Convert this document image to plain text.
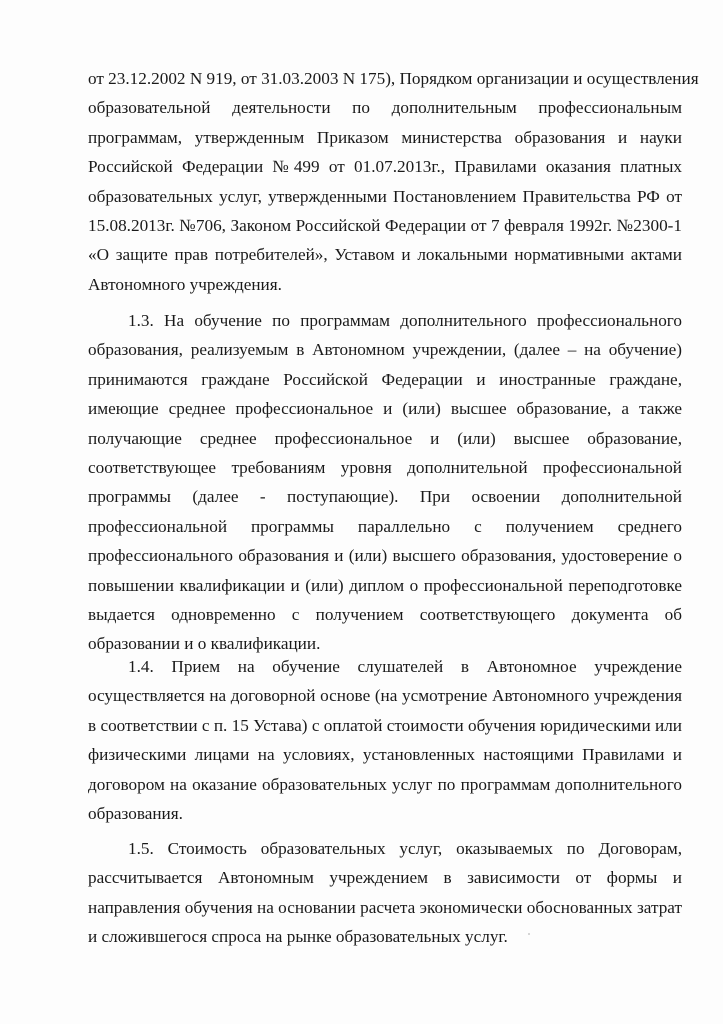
от 23.12.2002 N 919, от 31.03.2003 N 175), Порядком организации и осуществления
образовательной деятельности по дополнительным профессиональным
программам, утвержденным Приказом министерства образования и науки
Российской Федерации №499 от 01.07.2013г., Правилами оказания платных
образовательных услуг, утвержденными Постановлением Правительства РФ от
15.08.2013г. №706, Законом Российской Федерации от 7 февраля 1992г. №2300-1
«О защите прав потребителей», Уставом и локальными нормативными актами
Автономного учреждения.
1.3. На обучение по программам дополнительного профессионального
образования, реализуемым в Автономном учреждении, (далее – на обучение)
принимаются граждане Российской Федерации и иностранные граждане,
имеющие среднее профессиональное и (или) высшее образование, а также
получающие среднее профессиональное и (или) высшее образование,
соответствующее требованиям уровня дополнительной профессиональной
программы (далее - поступающие). При освоении дополнительной
профессиональной программы параллельно с получением среднего
профессионального образования и (или) высшего образования, удостоверение о
повышении квалификации и (или) диплом о профессиональной переподготовке
выдается одновременно с получением соответствующего документа об
образовании и о квалификации.
1.4. Прием на обучение слушателей в Автономное учреждение
осуществляется на договорной основе (на усмотрение Автономного учреждения
в соответствии с п. 15 Устава) с оплатой стоимости обучения юридическими или
физическими лицами на условиях, установленных настоящими Правилами и
договором на оказание образовательных услуг по программам дополнительного
образования.
1.5. Стоимость образовательных услуг, оказываемых по Договорам,
рассчитывается Автономным учреждением в зависимости от формы и
направления обучения на основании расчета экономически обоснованных затрат
и сложившегося спроса на рынке образовательных услуг.
